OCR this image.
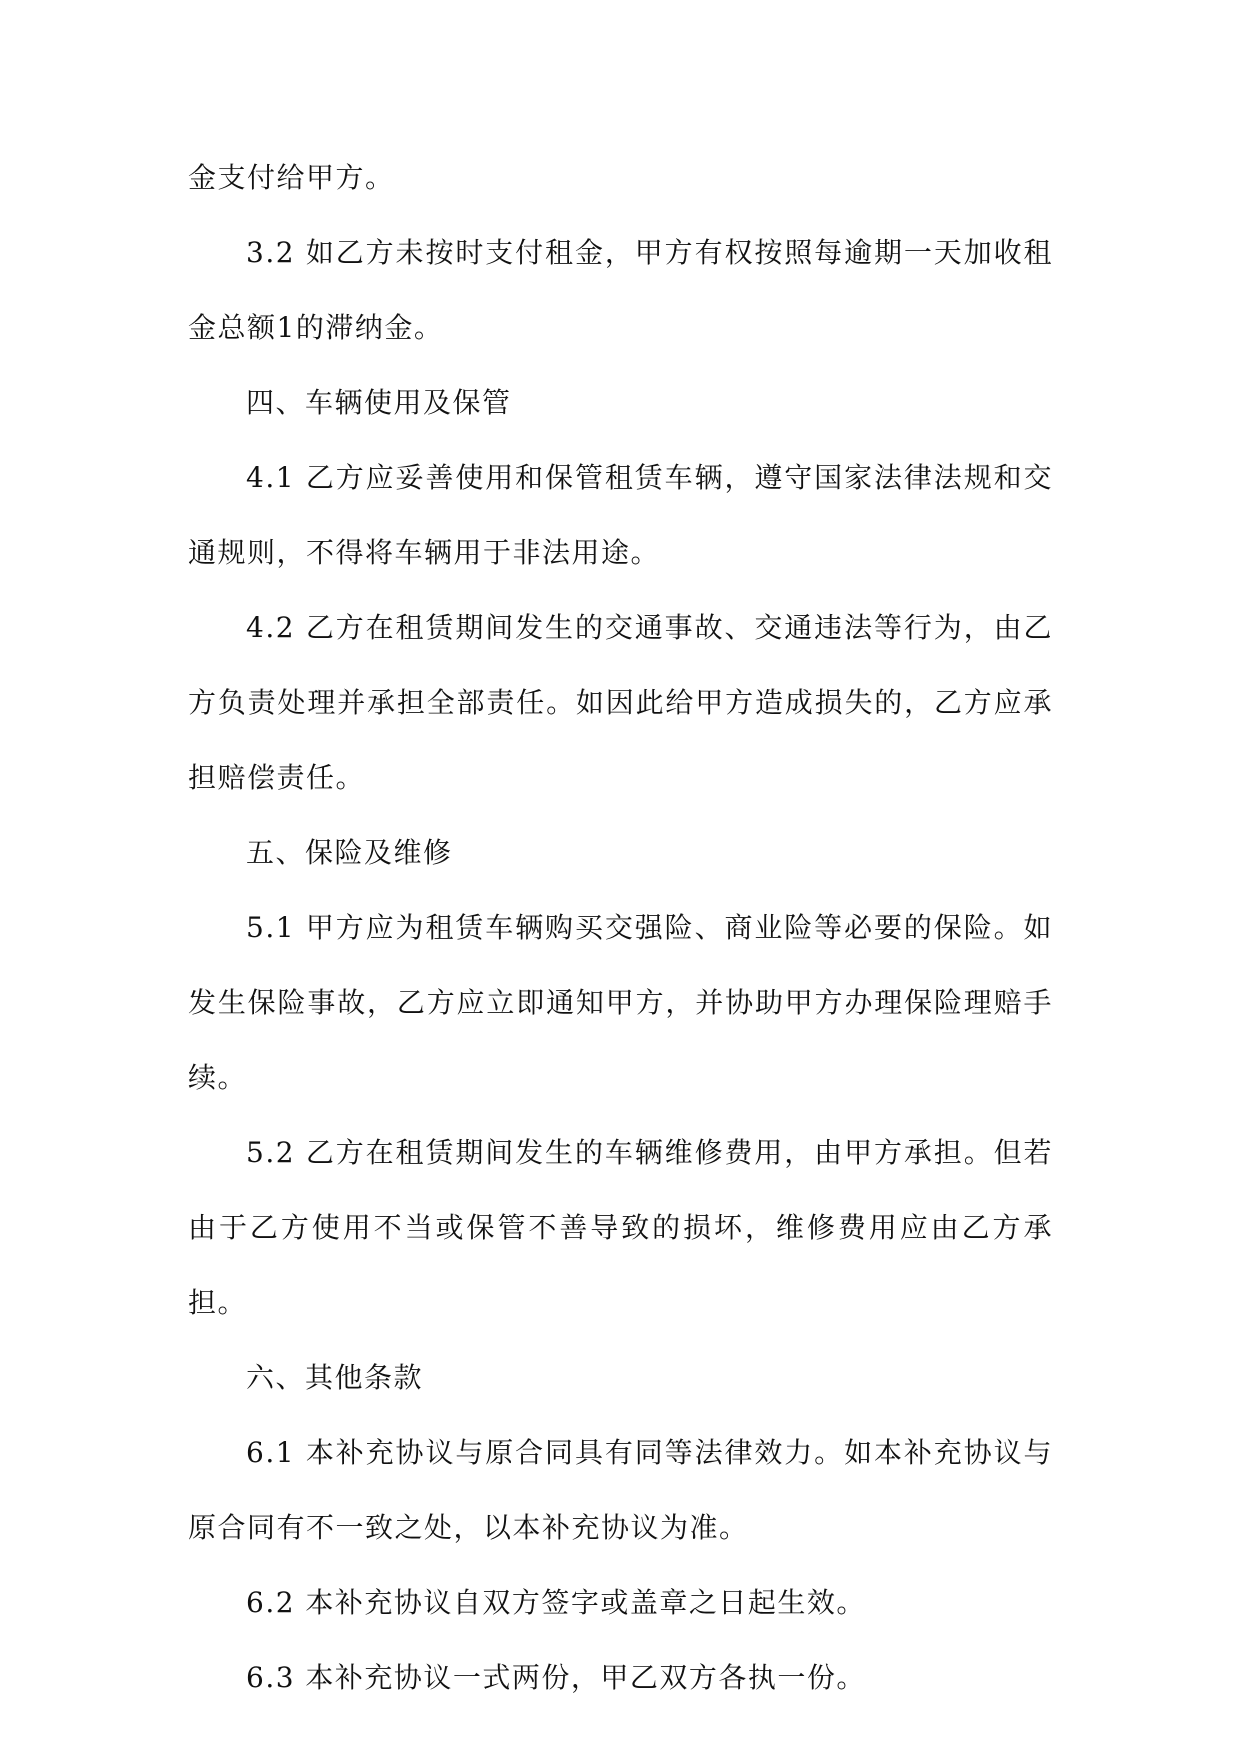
金支付给甲方。

3.2 如乙方未按时支付租金，甲方有权按照每逾期一天加收租金总额1的滞纳金。

四、车辆使用及保管

4.1 乙方应妥善使用和保管租赁车辆，遵守国家法律法规和交通规则，不得将车辆用于非法用途。

4.2 乙方在租赁期间发生的交通事故、交通违法等行为，由乙方负责处理并承担全部责任。如因此给甲方造成损失的，乙方应承担赔偿责任。

五、保险及维修

5.1 甲方应为租赁车辆购买交强险、商业险等必要的保险。如发生保险事故，乙方应立即通知甲方，并协助甲方办理保险理赔手续。

5.2 乙方在租赁期间发生的车辆维修费用，由甲方承担。但若由于乙方使用不当或保管不善导致的损坏，维修费用应由乙方承担。

六、其他条款

6.1 本补充协议与原合同具有同等法律效力。如本补充协议与原合同有不一致之处，以本补充协议为准。

6.2 本补充协议自双方签字或盖章之日起生效。

6.3 本补充协议一式两份，甲乙双方各执一份。
